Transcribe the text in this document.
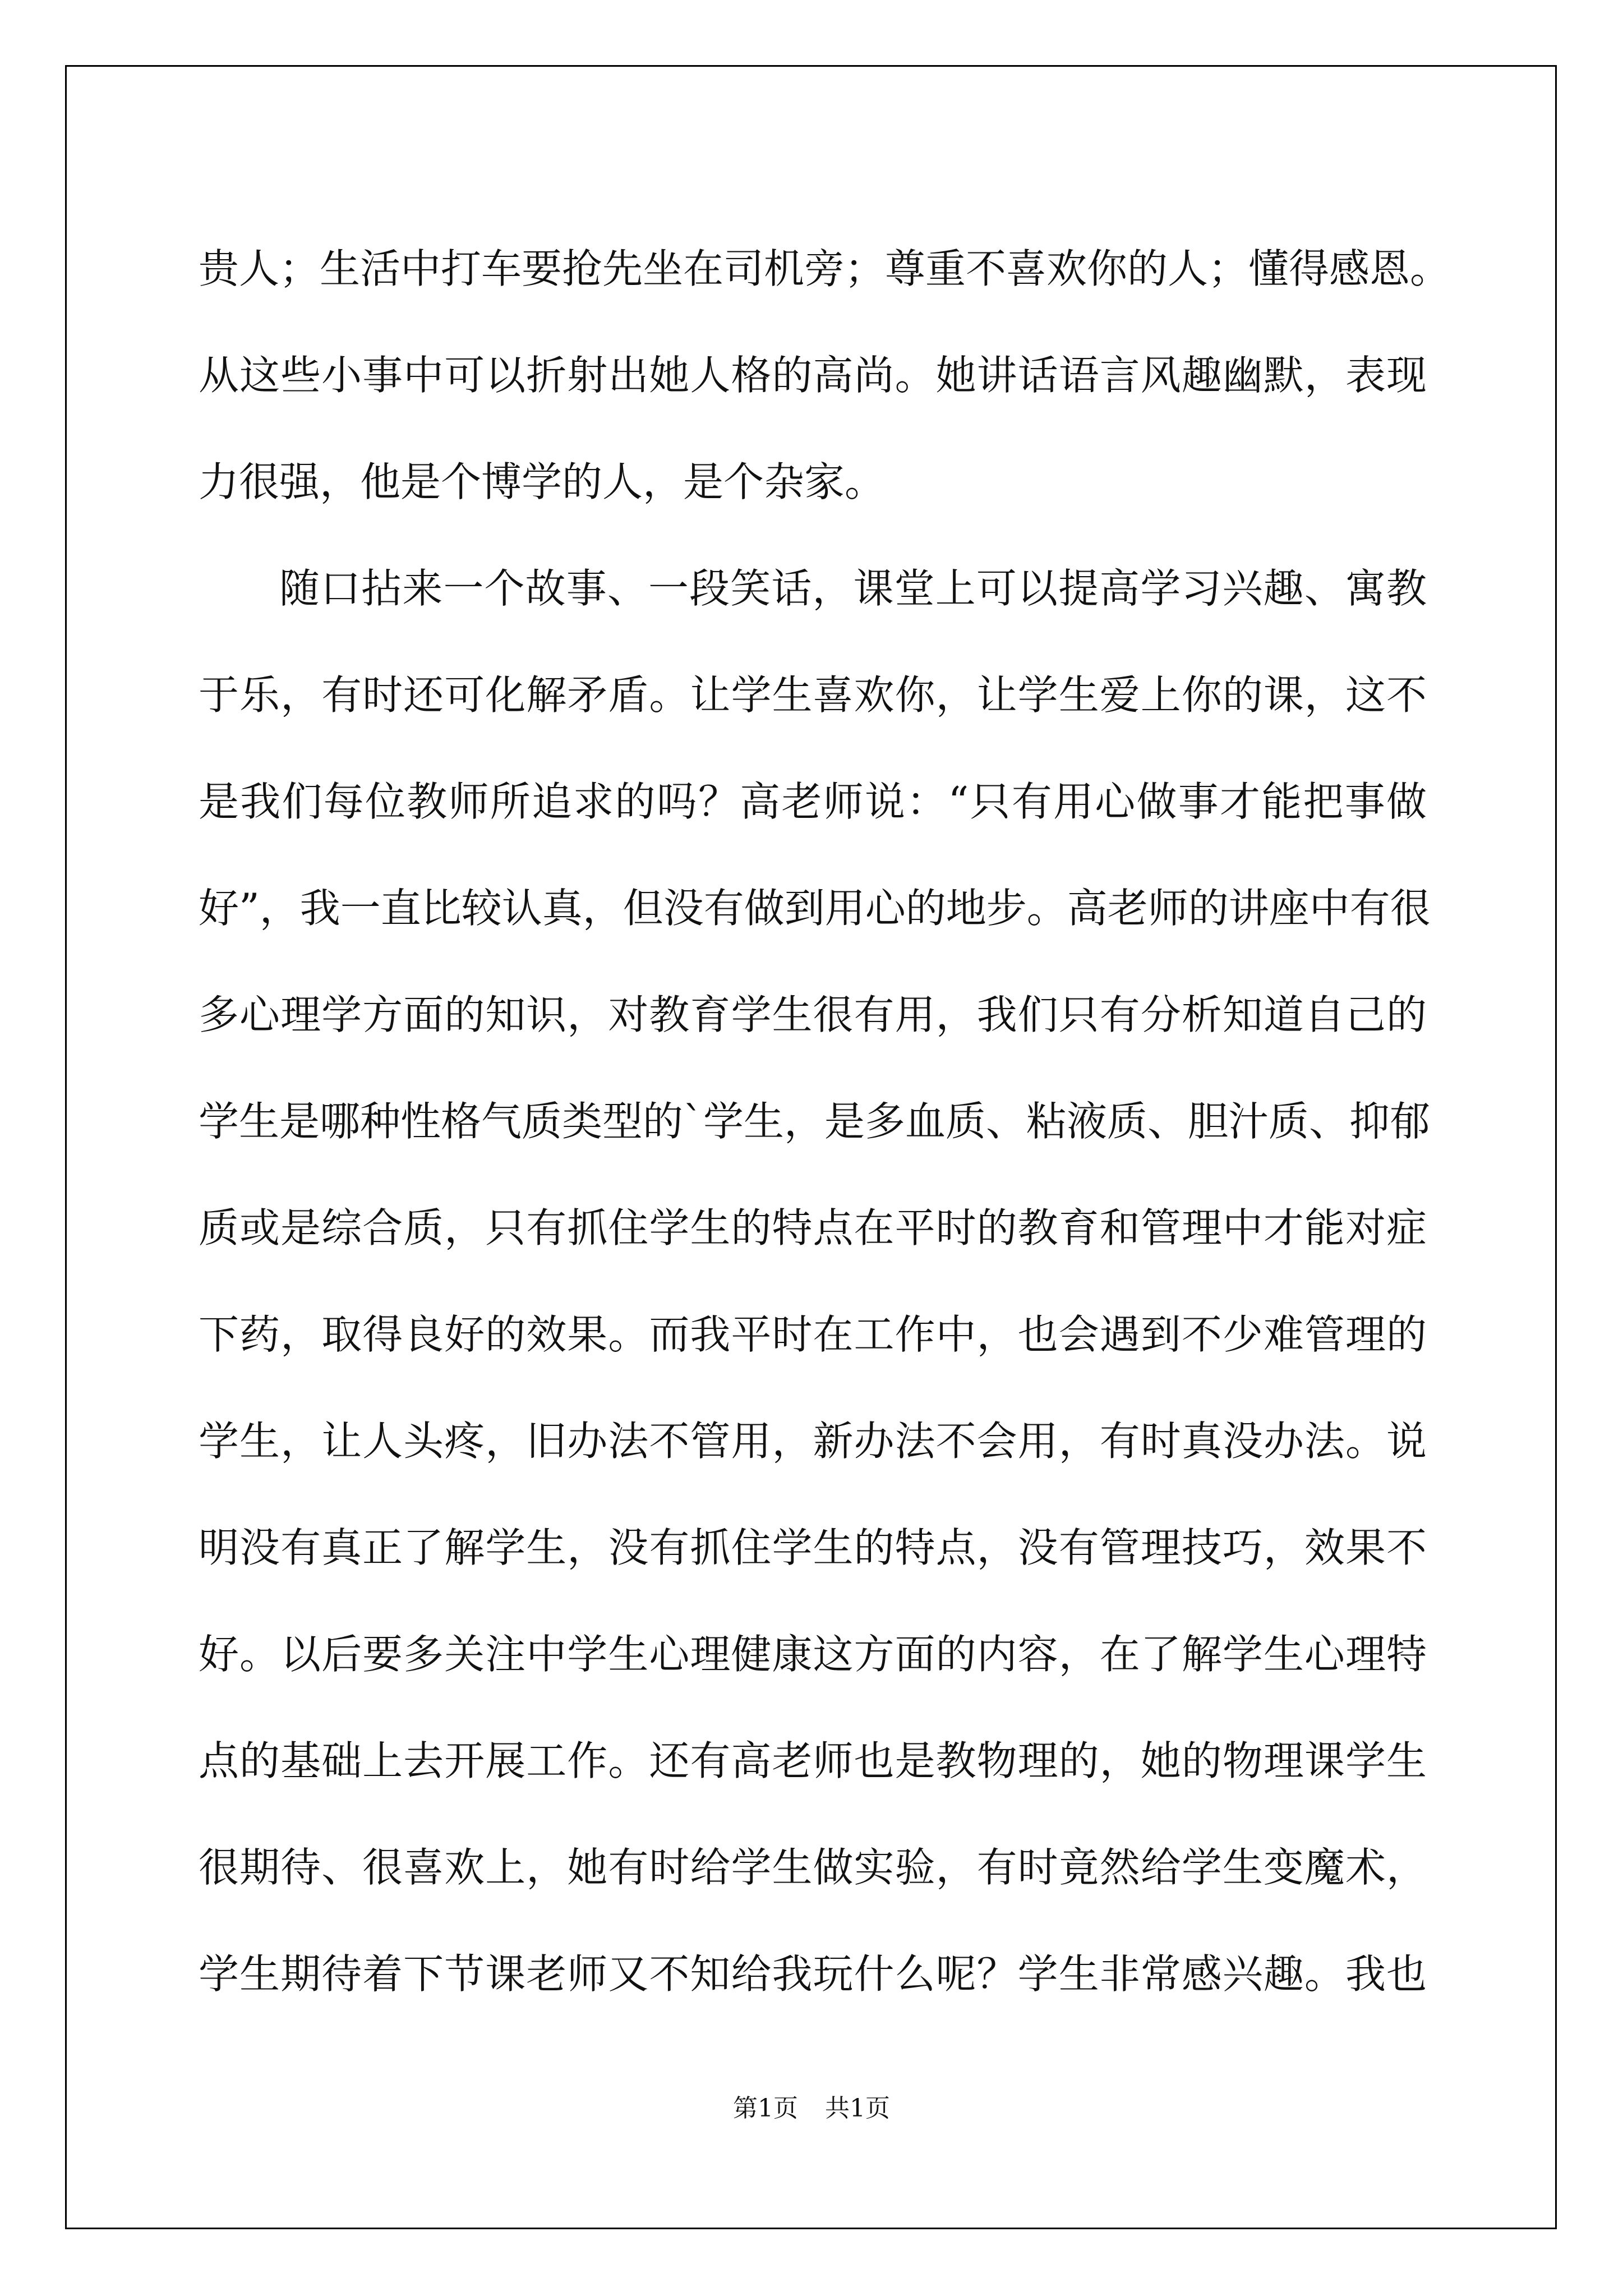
贵人；生活中打车要抢先坐在司机旁；尊重不喜欢你的人；懂得感恩。
从这些小事中可以折射出她人格的高尚。她讲话语言风趣幽默，表现
力很强，他是个博学的人，是个杂家。
随口拈来一个故事、一段笑话，课堂上可以提高学习兴趣、寓教
于乐，有时还可化解矛盾。让学生喜欢你，让学生爱上你的课，这不
是我们每位教师所追求的吗？高老师说：“只有用心做事才能把事做
好”，我一直比较认真，但没有做到用心的地步。高老师的讲座中有很
多心理学方面的知识，对教育学生很有用，我们只有分析知道自己的
学生是哪种性格气质类型的`学生，是多血质、粘液质、胆汁质、抑郁
质或是综合质，只有抓住学生的特点在平时的教育和管理中才能对症
下药，取得良好的效果。而我平时在工作中，也会遇到不少难管理的
学生，让人头疼，旧办法不管用，新办法不会用，有时真没办法。说
明没有真正了解学生，没有抓住学生的特点，没有管理技巧，效果不
好。以后要多关注中学生心理健康这方面的内容，在了解学生心理特
点的基础上去开展工作。还有高老师也是教物理的，她的物理课学生
很期待、很喜欢上，她有时给学生做实验，有时竟然给学生变魔术，
学生期待着下节课老师又不知给我玩什么呢？学生非常感兴趣。我也
第1页 共1页
